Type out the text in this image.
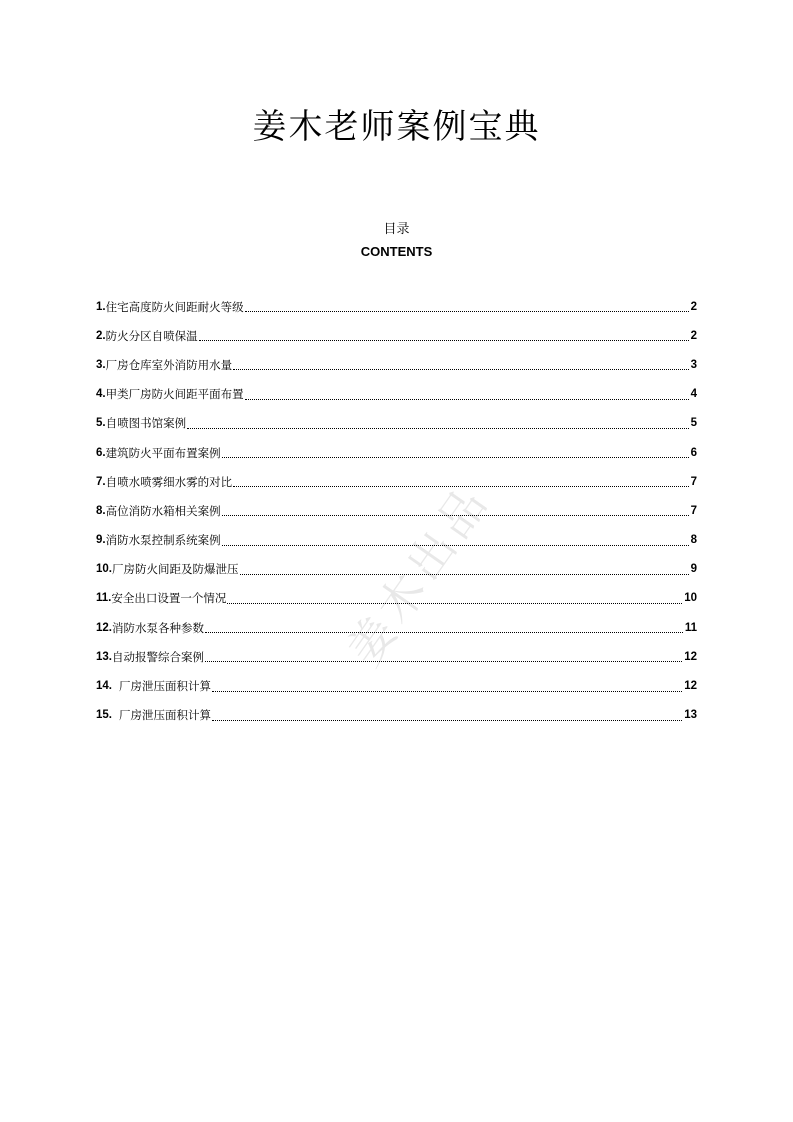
姜木老师案例宝典
目录
CONTENTS
1. 住宅高度防火间距耐火等级	2
2. 防火分区自喷保温	2
3. 厂房仓库室外消防用水量	3
4. 甲类厂房防火间距平面布置	4
5. 自喷图书馆案例	5
6. 建筑防火平面布置案例	6
7. 自喷水喷雾细水雾的对比	7
8. 高位消防水箱相关案例	7
9. 消防水泵控制系统案例	8
10. 厂房防火间距及防爆泄压	9
11. 安全出口设置一个情况	10
12. 消防水泵各种参数	11
13. 自动报警综合案例	12
14. 厂房泄压面积计算	12
15. 厂房泄压面积计算	13
姜木出品
